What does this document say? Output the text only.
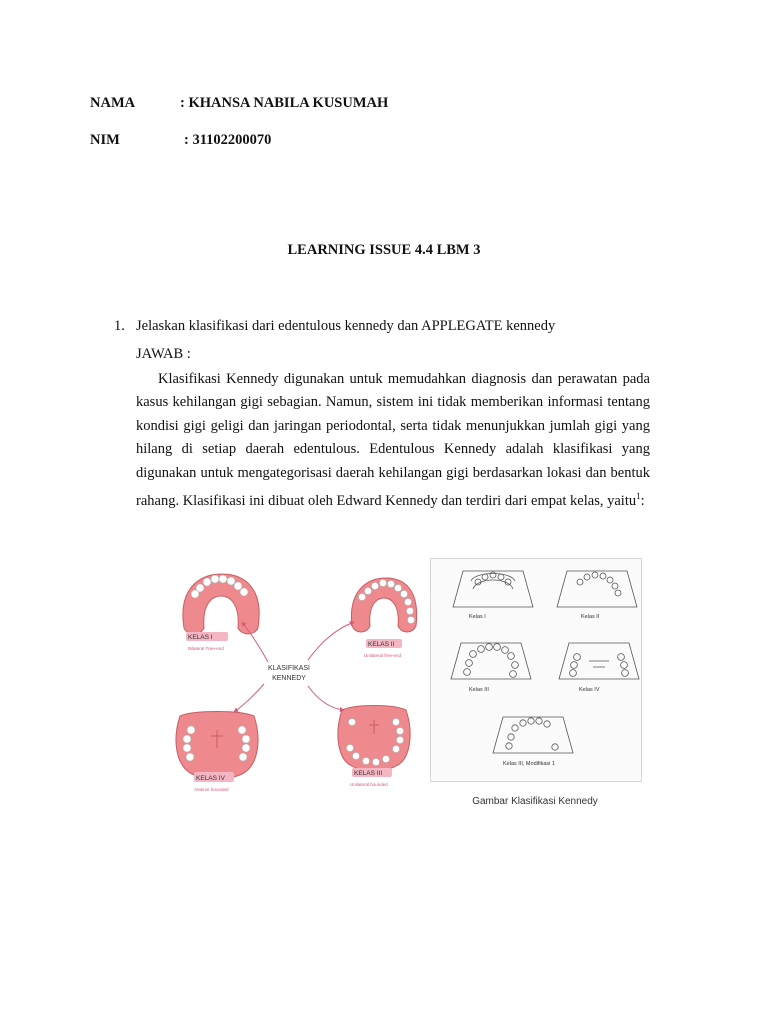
NAMA	: KHANSA NABILA KUSUMAH
NIM	: 31102200070
LEARNING ISSUE 4.4 LBM 3
1. Jelaskan klasifikasi dari edentulous kennedy dan APPLEGATE kennedy
JAWAB :
Klasifikasi Kennedy digunakan untuk memudahkan diagnosis dan perawatan pada kasus kehilangan gigi sebagian. Namun, sistem ini tidak memberikan informasi tentang kondisi gigi geligi dan jaringan periodontal, serta tidak menunjukkan jumlah gigi yang hilang di setiap daerah edentulous. Edentulous Kennedy adalah klasifikasi yang digunakan untuk mengategorisasi daerah kehilangan gigi berdasarkan lokasi dan bentuk rahang. Klasifikasi ini dibuat oleh Edward Kennedy dan terdiri dari empat kelas, yaitu$^1$:
KLASIFIKASI
KENNEDY
KELAS I
Bilateral Free-end
KELAS II
Unilateral free-end
KELAS IV
Anterior bounded
KELAS III
Unilateral bounded
Kelas I	Kelas II
Kelas III	Kelas IV
Kelas III, Modifikasi 1
Gambar Klasifikasi Kennedy
